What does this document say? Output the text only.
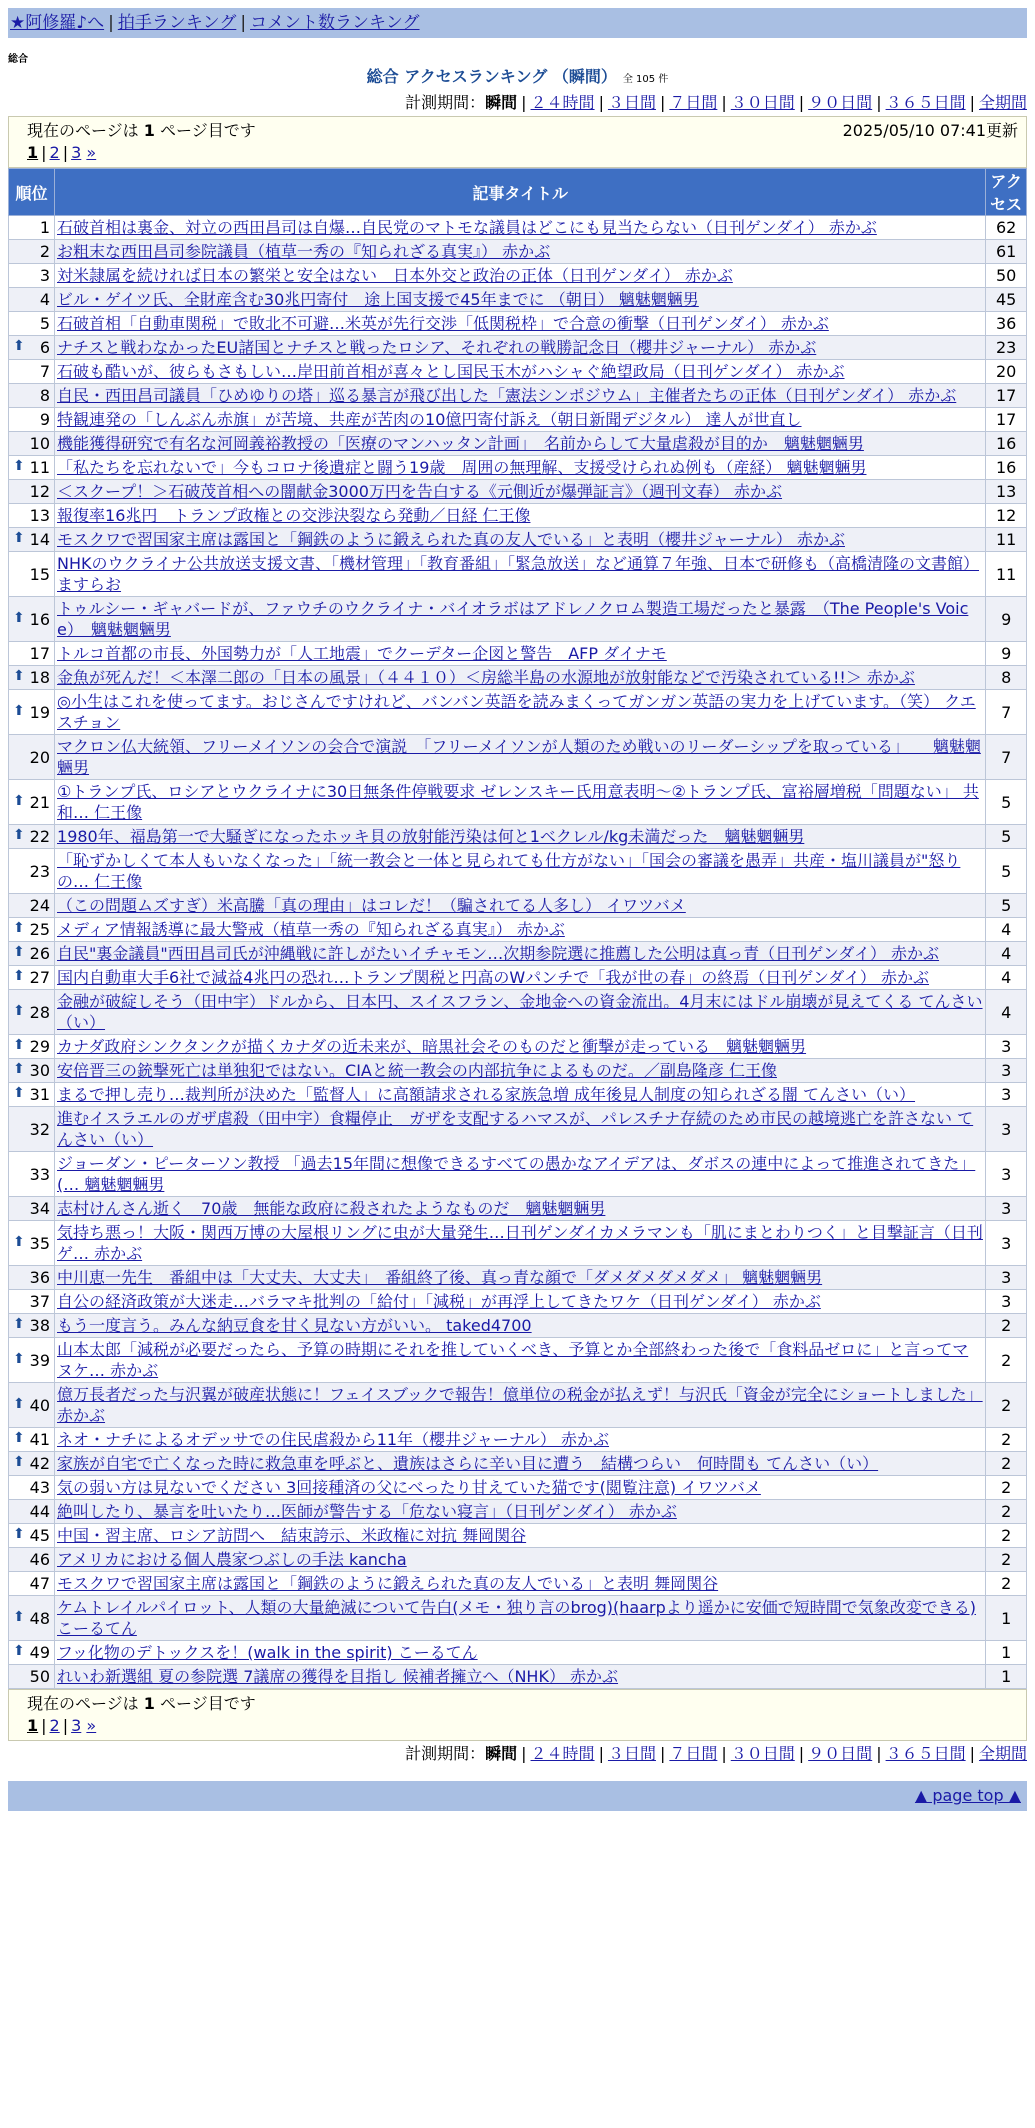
★阿修羅♪へ | 拍手ランキング | コメント数ランキング
総合
総合 アクセスランキング （瞬間） 全 105 件
計測期間：瞬間 | ２４時間 | ３日間 | ７日間 | ３０日間 | ９０日間 | ３６５日間 | 全期間
現在のページは 1 ページ目です	2025/05/10 07:41更新
1 | 2 | 3 »
順位	記事タイトル	アクセス
1	石破首相は裏金、対立の西田昌司は自爆…自民党のマトモな議員はどこにも見当たらない（日刊ゲンダイ） 赤かぶ	62
2	お粗末な西田昌司参院議員（植草一秀の『知られざる真実』） 赤かぶ	61
3	対米隷属を続ければ日本の繁栄と安全はない　日本外交と政治の正体（日刊ゲンダイ） 赤かぶ	50
4	ビル・ゲイツ氏、全財産含む30兆円寄付　途上国支援で45年までに （朝日） 魑魅魍魎男	45
5	石破首相「自動車関税」で敗北不可避…米英が先行交渉「低関税枠」で合意の衝撃（日刊ゲンダイ） 赤かぶ	36

⬆ 6	ナチスと戦わなかったEU諸国とナチスと戦ったロシア、それぞれの戦勝記念日（櫻井ジャーナル） 赤かぶ	23
7	石破も酷いが、彼らもさもしい…岸田前首相が喜々とし国民玉木がハシャぐ絶望政局（日刊ゲンダイ） 赤かぶ	20
8	自民・西田昌司議員「ひめゆりの塔」巡る暴言が飛び出した「憲法シンポジウム」主催者たちの正体（日刊ゲンダイ） 赤かぶ	17
9	特観連発の「しんぶん赤旗」が苦境、共産が苦肉の10億円寄付訴え（朝日新聞デジタル） 達人が世直し	17
10	機能獲得研究で有名な河岡義裕教授の「医療のマンハッタン計画」　名前からして大量虐殺が目的か　魑魅魍魎男	16

⬆ 11	「私たちを忘れないで」今もコロナ後遺症と闘う19歳　周囲の無理解、支援受けられぬ例も（産経） 魑魅魍魎男	16
12	＜スクープ！＞石破茂首相への闇献金3000万円を告白する《元側近が爆弾証言》（週刊文春） 赤かぶ	13
13	報復率16兆円　トランプ政権との交渉決裂なら発動／日経 仁王像	12

⬆ 14	モスクワで習国家主席は露国と「鋼鉄のように鍛えられた真の友人でいる」と表明（櫻井ジャーナル） 赤かぶ	11
15	NHKのウクライナ公共放送支援文書、「機材管理」「教育番組」「緊急放送」など通算７年強、日本で研修も（高橋清隆の文書館） ますらお	11

⬆ 16	トゥルシー・ギャバードが、ファウチのウクライナ・バイオラボはアドレノクロム製造工場だったと暴露　（The People's Voice）　魑魅魍魎男	9
17	トルコ首都の市長、外国勢力が「人工地震」でクーデター企図と警告　AFP ダイナモ	9

⬆ 18	金魚が死んだ！＜本澤二郎の「日本の風景」（４４１０）＜房総半島の水源地が放射能などで汚染されている!!＞ 赤かぶ	8

⬆ 19	◎小生はこれを使ってます。おじさんですけれど、バンバン英語を読みまくってガンガン英語の実力を上げています。（笑） クエスチョン	7
20	マクロン仏大統領、フリーメイソンの会合で演説　「フリーメイソンが人類のため戦いのリーダーシップを取っている」　　魑魅魍魎男	7

⬆ 21	①トランプ氏、ロシアとウクライナに30日無条件停戦要求 ゼレンスキー氏用意表明～②トランプ氏、富裕層増税「問題ない」 共和… 仁王像	5

⬆ 22	1980年、福島第一で大騒ぎになったホッキ貝の放射能汚染は何と1ベクレル/kg未満だった　魑魅魍魎男	5
23	「恥ずかしくて本人もいなくなった」「統一教会と一体と見られても仕方がない」「国会の審議を愚弄」共産・塩川議員が"怒りの… 仁王像	5
24	（この問題ムズすぎ）米高騰「真の理由」はコレだ！（騙されてる人多し） イワツバメ	5

⬆ 25	メディア情報誘導に最大警戒（植草一秀の『知られざる真実』） 赤かぶ	4

⬆ 26	自民"裏金議員"西田昌司氏が沖縄戦に許しがたいイチャモン…次期参院選に推薦した公明は真っ青（日刊ゲンダイ） 赤かぶ	4

⬆ 27	国内自動車大手6社で減益4兆円の恐れ…トランプ関税と円高のWパンチで「我が世の春」の終焉（日刊ゲンダイ） 赤かぶ	4

⬆ 28	金融が破綻しそう（田中宇）ドルから、日本円、スイスフラン、金地金への資金流出。4月末にはドル崩壊が見えてくる てんさい（い）	4

⬆ 29	カナダ政府シンクタンクが描くカナダの近未来が、暗黒社会そのものだと衝撃が走っている　魑魅魍魎男	3

⬆ 30	安倍晋三の銃撃死亡は単独犯ではない。CIAと統一教会の内部抗争によるものだ。／副島隆彦 仁王像	3

⬆ 31	まるで押し売り…裁判所が決めた「監督人」に高額請求される家族急増 成年後見人制度の知られざる闇 てんさい（い）	3
32	進むイスラエルのガザ虐殺（田中宇）食糧停止　ガザを支配するハマスが、パレスチナ存続のため市民の越境逃亡を許さない てんさい（い）	3
33	ジョーダン・ピーターソン教授 「過去15年間に想像できるすべての愚かなアイデアは、ダボスの連中によって推進されてきた」(… 魑魅魍魎男	3
34	志村けんさん逝く　70歳　無能な政府に殺されたようなものだ　魑魅魍魎男	3

⬆ 35	気持ち悪っ！大阪・関西万博の大屋根リングに虫が大量発生…日刊ゲンダイカメラマンも「肌にまとわりつく」と目撃証言（日刊ゲ… 赤かぶ	3
36	中川恵一先生　番組中は「大丈夫、大丈夫」　番組終了後、真っ青な顔で「ダメダメダメダメ」 魑魅魍魎男	3
37	自公の経済政策が大迷走…バラマキ批判の「給付」「減税」が再浮上してきたワケ（日刊ゲンダイ） 赤かぶ	3

⬆ 38	もう一度言う。みんな納豆食を甘く見ない方がいい。 taked4700	2

⬆ 39	山本太郎「減税が必要だったら、予算の時期にそれを推していくべき、予算とか全部終わった後で「食料品ゼロに」と言ってマヌケ… 赤かぶ	2

⬆ 40	億万長者だった与沢翼が破産状態に！フェイスブックで報告！億単位の税金が払えず！与沢氏「資金が完全にショートしました」 赤かぶ	2

⬆ 41	ネオ・ナチによるオデッサでの住民虐殺から11年（櫻井ジャーナル） 赤かぶ	2

⬆ 42	家族が自宅で亡くなった時に救急車を呼ぶと、遺族はさらに辛い目に遭う　結構つらい　何時間も てんさい（い）	2
43	気の弱い方は見ないでください 3回接種済の父にべったり甘えていた猫です(閲覧注意) イワツバメ	2
44	絶叫したり、暴言を吐いたり…医師が警告する「危ない寝言」（日刊ゲンダイ） 赤かぶ	2

⬆ 45	中国・習主席、ロシア訪問へ　結束誇示、米政権に対抗 舞岡関谷	2
46	アメリカにおける個人農家つぶしの手法 kancha	2
47	モスクワで習国家主席は露国と「鋼鉄のように鍛えられた真の友人でいる」と表明 舞岡関谷	2

⬆ 48	ケムトレイルパイロット、人類の大量絶滅について告白(メモ・独り言のbrog)(haarpより遥かに安価で短時間で気象改変できる) こーるてん	1

⬆ 49	フッ化物のデトックスを！(walk in the spirit) こーるてん	1
50	れいわ新選組 夏の参院選 7議席の獲得を目指し 候補者擁立へ（NHK） 赤かぶ	1
現在のページは 1 ページ目です
1 | 2 | 3 »
計測期間：瞬間 | ２４時間 | ３日間 | ７日間 | ３０日間 | ９０日間 | ３６５日間 | 全期間
▲ page top ▲
